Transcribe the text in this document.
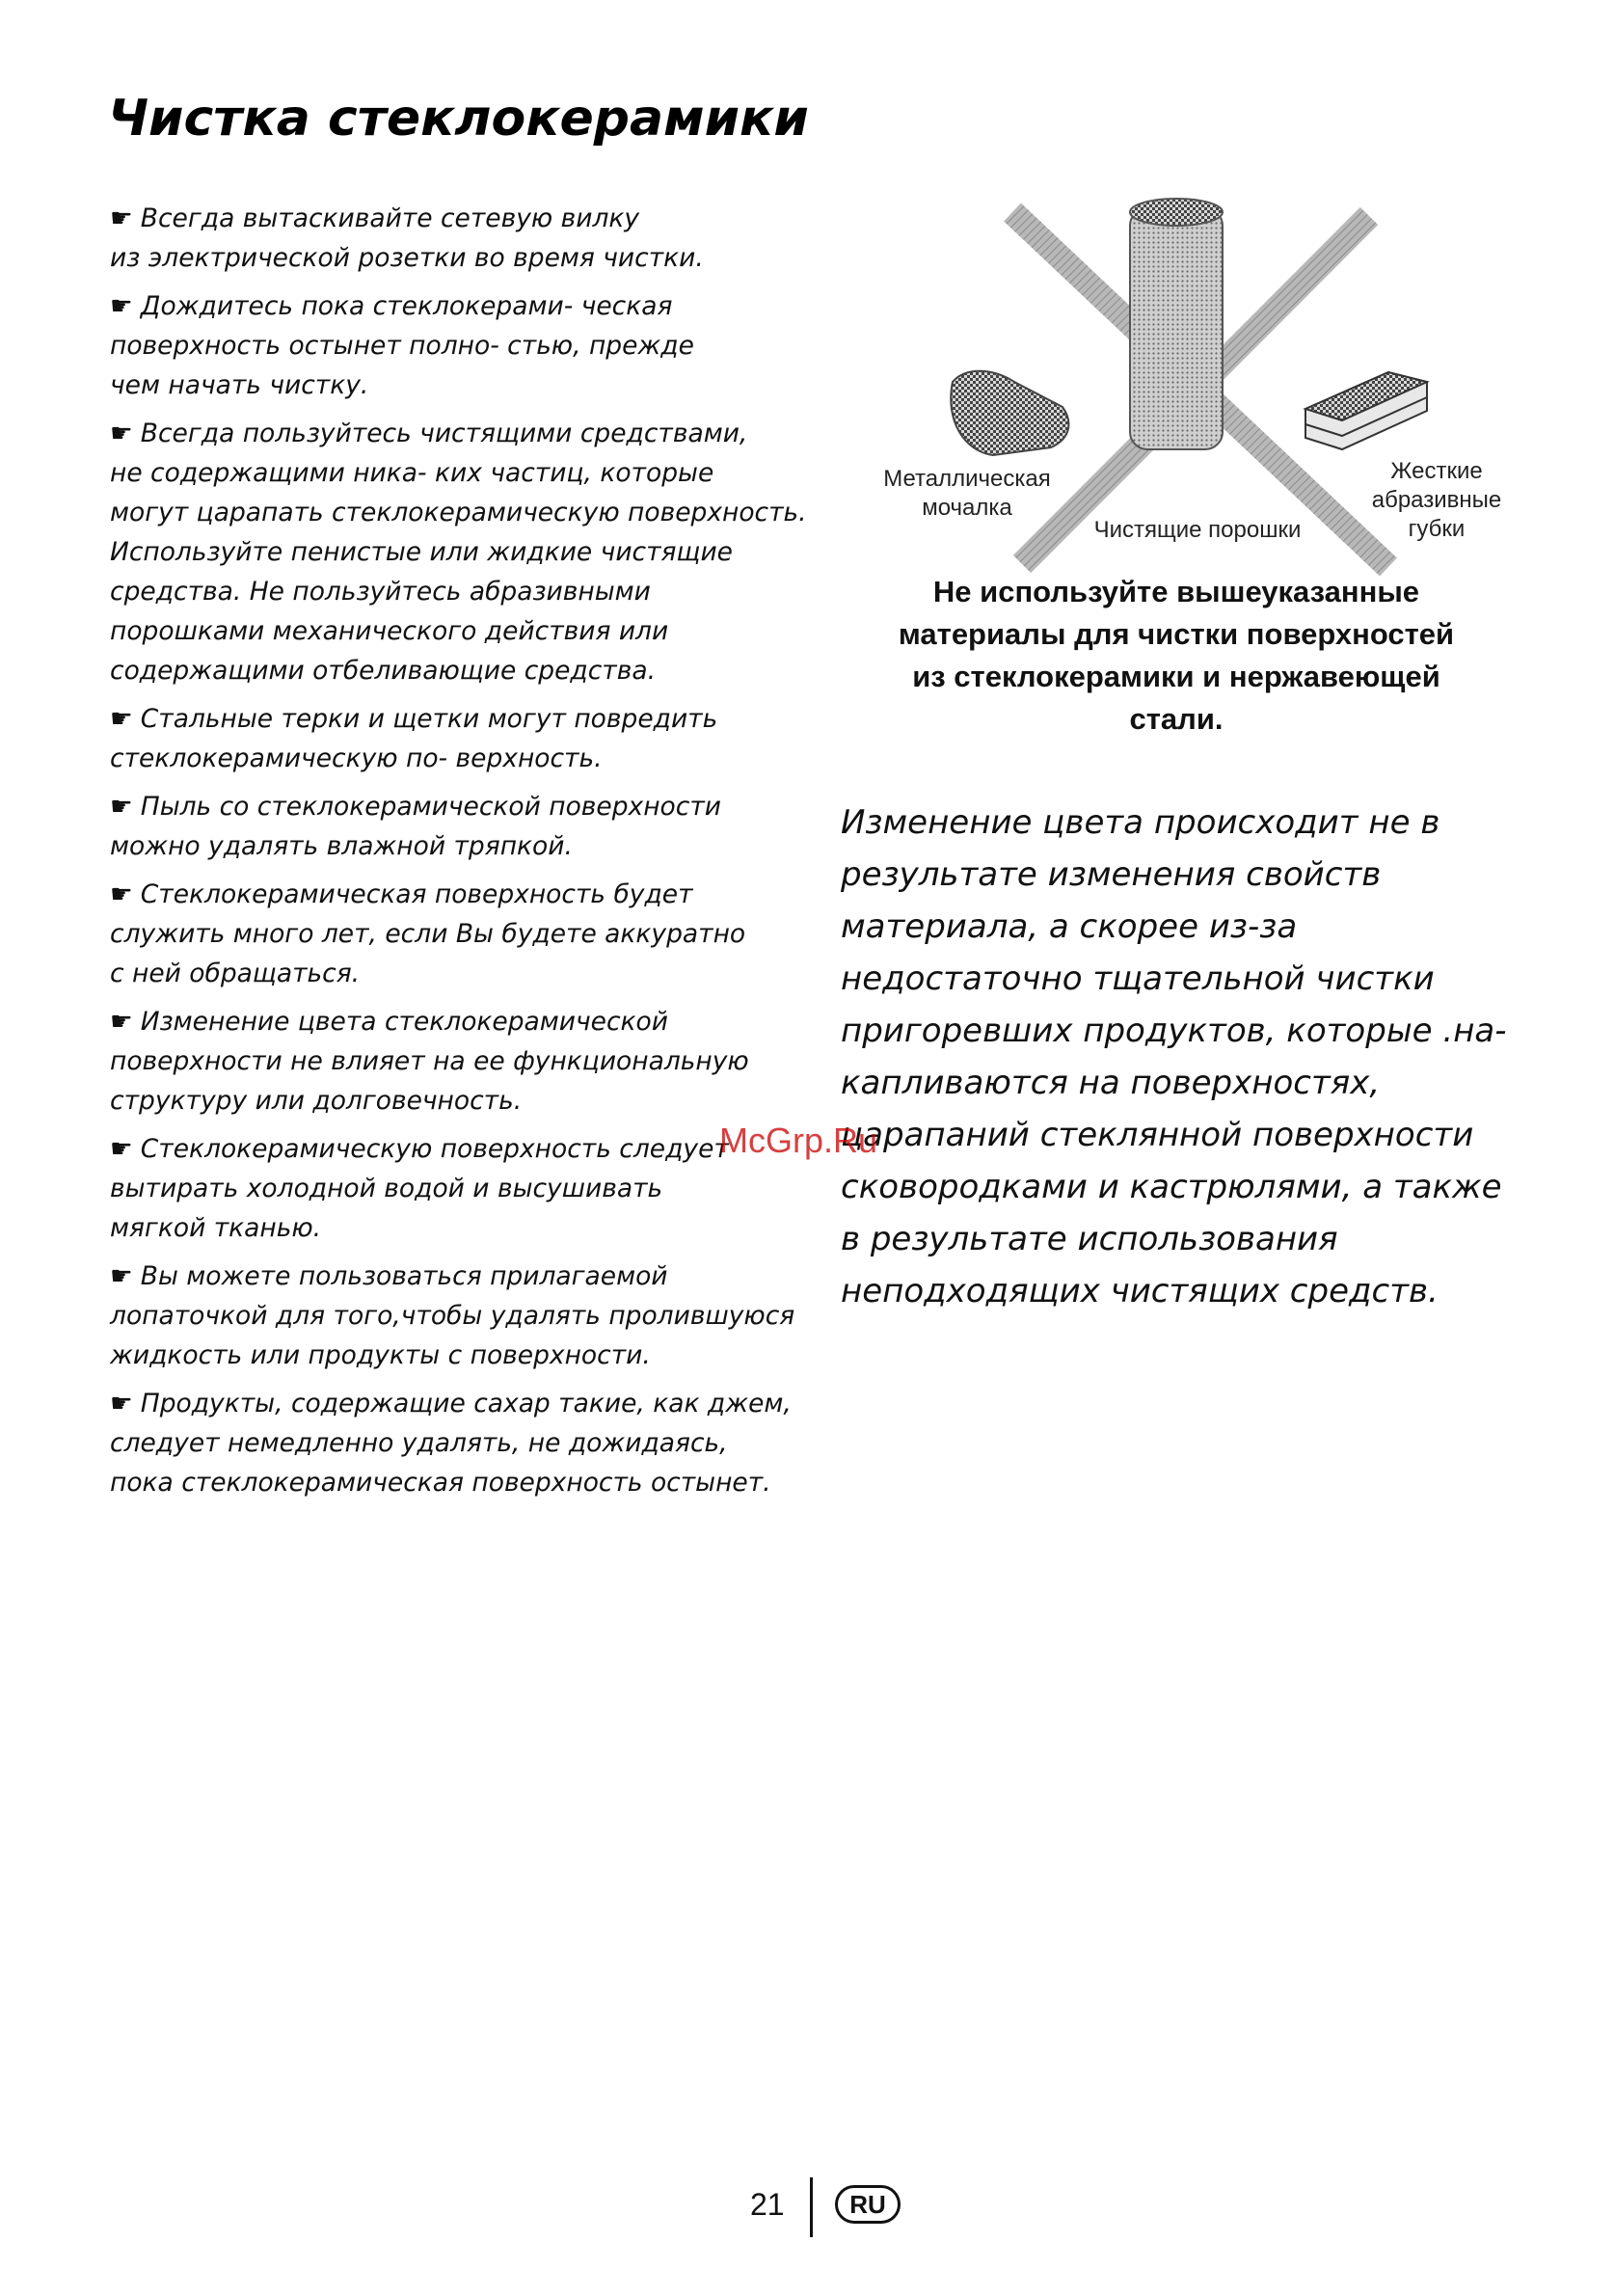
Чистка стеклокерамики

☛ Всегда вытаскивайте сетевую вилку
из электрической розетки во время чистки.

☛ Дождитесь пока стеклокерами- ческая
поверхность остынет полно- стью, прежде
чем начать чистку.

☛ Всегда пользуйтесь чистящими средствами,
не содержащими ника- ких частиц, которые
могут царапать стеклокерамическую поверхность.
Используйте пенистые или жидкие чистящие
средства. Не пользуйтесь абразивными
порошками механического действия или
содержащими отбеливающие средства.

☛ Стальные терки и щетки могут повредить
стеклокерамическую по- верхность.

☛ Пыль со стеклокерамической поверхности
можно удалять влажной тряпкой.

☛ Стеклокерамическая поверхность будет
служить много лет, если Вы будете аккуратно
с ней обращаться.

☛ Изменение цвета стеклокерамической
поверхности не влияет на ее функциональную
структуру или долговечность.

☛ Стеклокерамическую поверхность следует
вытирать холодной водой и высушивать
мягкой тканью.

☛ Вы можете пользоваться прилагаемой
лопаточкой для того,чтобы удалять пролившуюся
жидкость или продукты с поверхности.

☛ Продукты, содержащие сахар такие, как джем,
следует немедленно удалять, не дожидаясь,
пока стеклокерамическая поверхность остынет.

Металлическая
мочалка
Чистящие порошки
Жесткие
абразивные
губки

Не используйте вышеуказанные
материалы для чистки поверхностей
из стеклокерамики и нержавеющей
стали.

Изменение цвета происходит не в
результате изменения свойств
материала, а скорее из-за
недостаточно тщательной чистки
пригоревших продуктов, которые .на-
капливаются на поверхностях,
царапаний стеклянной поверхности
сковородками и кастрюлями, а также
в результате использования
неподходящих чистящих средств.

McGrp.Ru
21	RU
